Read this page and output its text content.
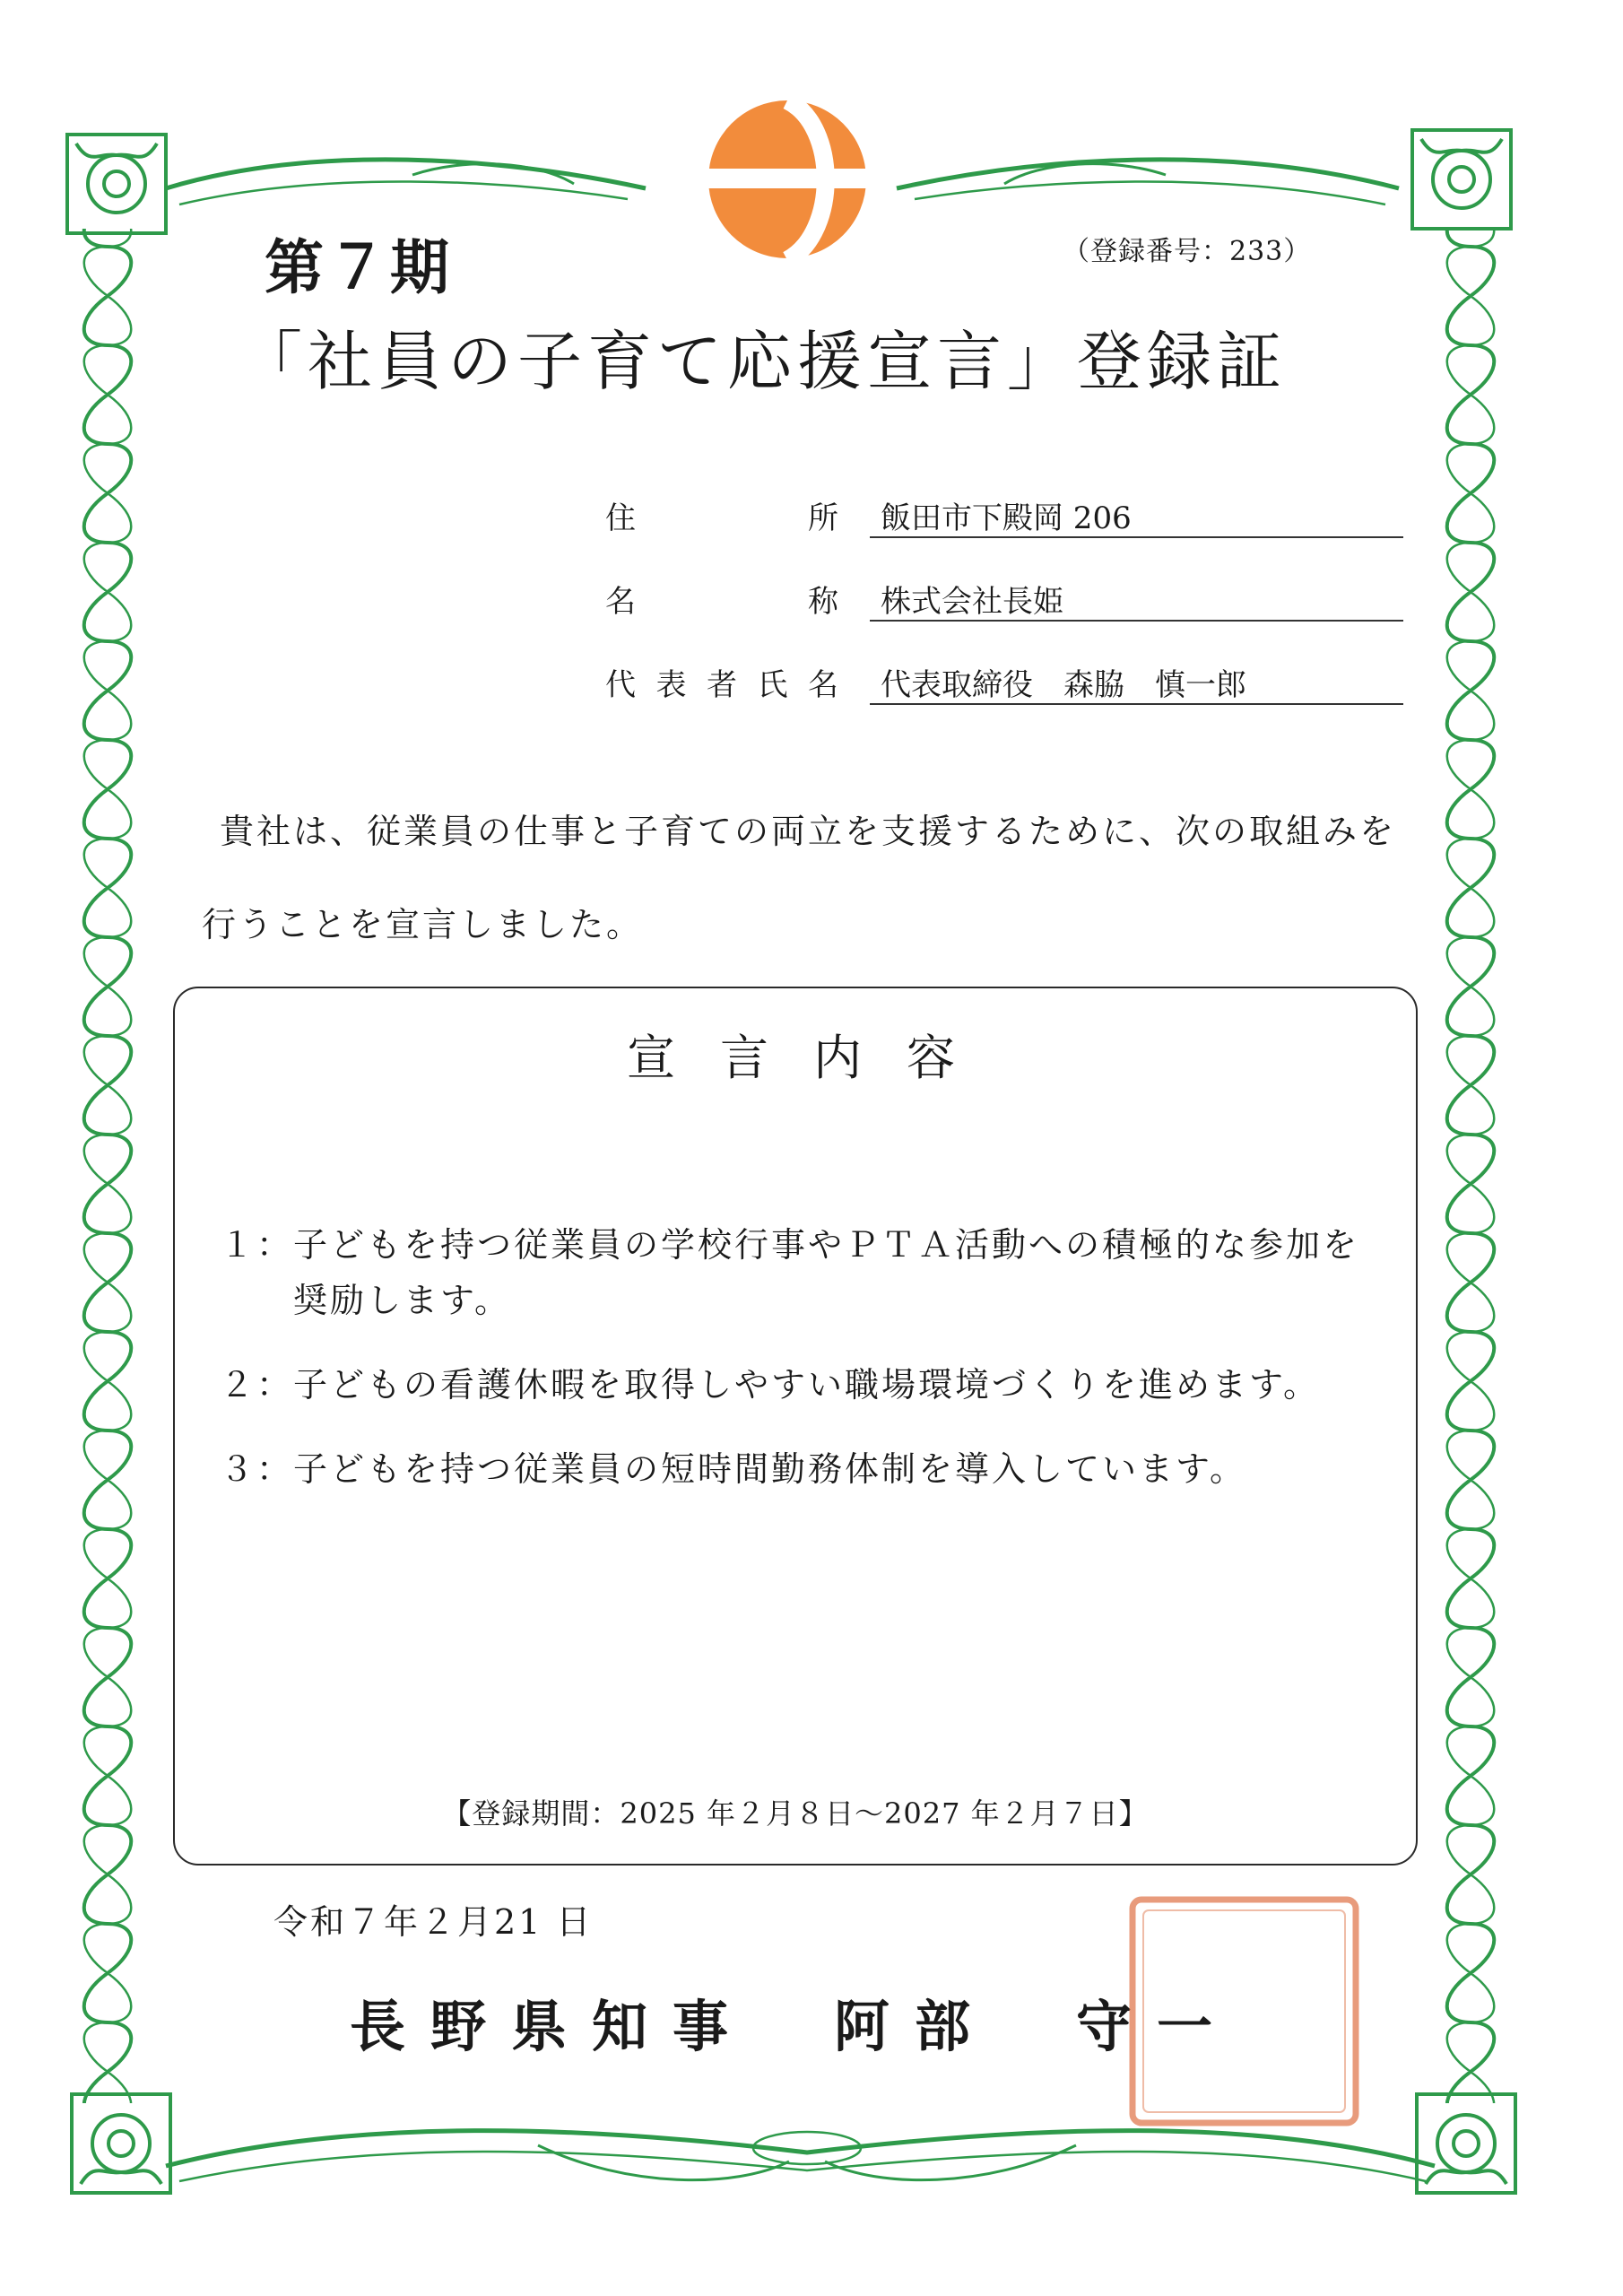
第７期	（登録番号：233）
「社員の子育て応援宣言」登録証
住	所	飯田市下殿岡 206
名	称	株式会社長姫
代 表 者 氏 名	代表取締役　森脇　慎一郎
貴社は、従業員の仕事と子育ての両立を支援するために、次の取組みを行うことを宣言しました。
宣言内容
１： 子どもを持つ従業員の学校行事やＰＴＡ活動への積極的な参加を奨励します。
２： 子どもの看護休暇を取得しやすい職場環境づくりを進めます。
３： 子どもを持つ従業員の短時間勤務体制を導入しています。
【登録期間：2025 年２月８日～2027 年２月７日】
令和７年２月21 日
長野県知事　阿部　守一
